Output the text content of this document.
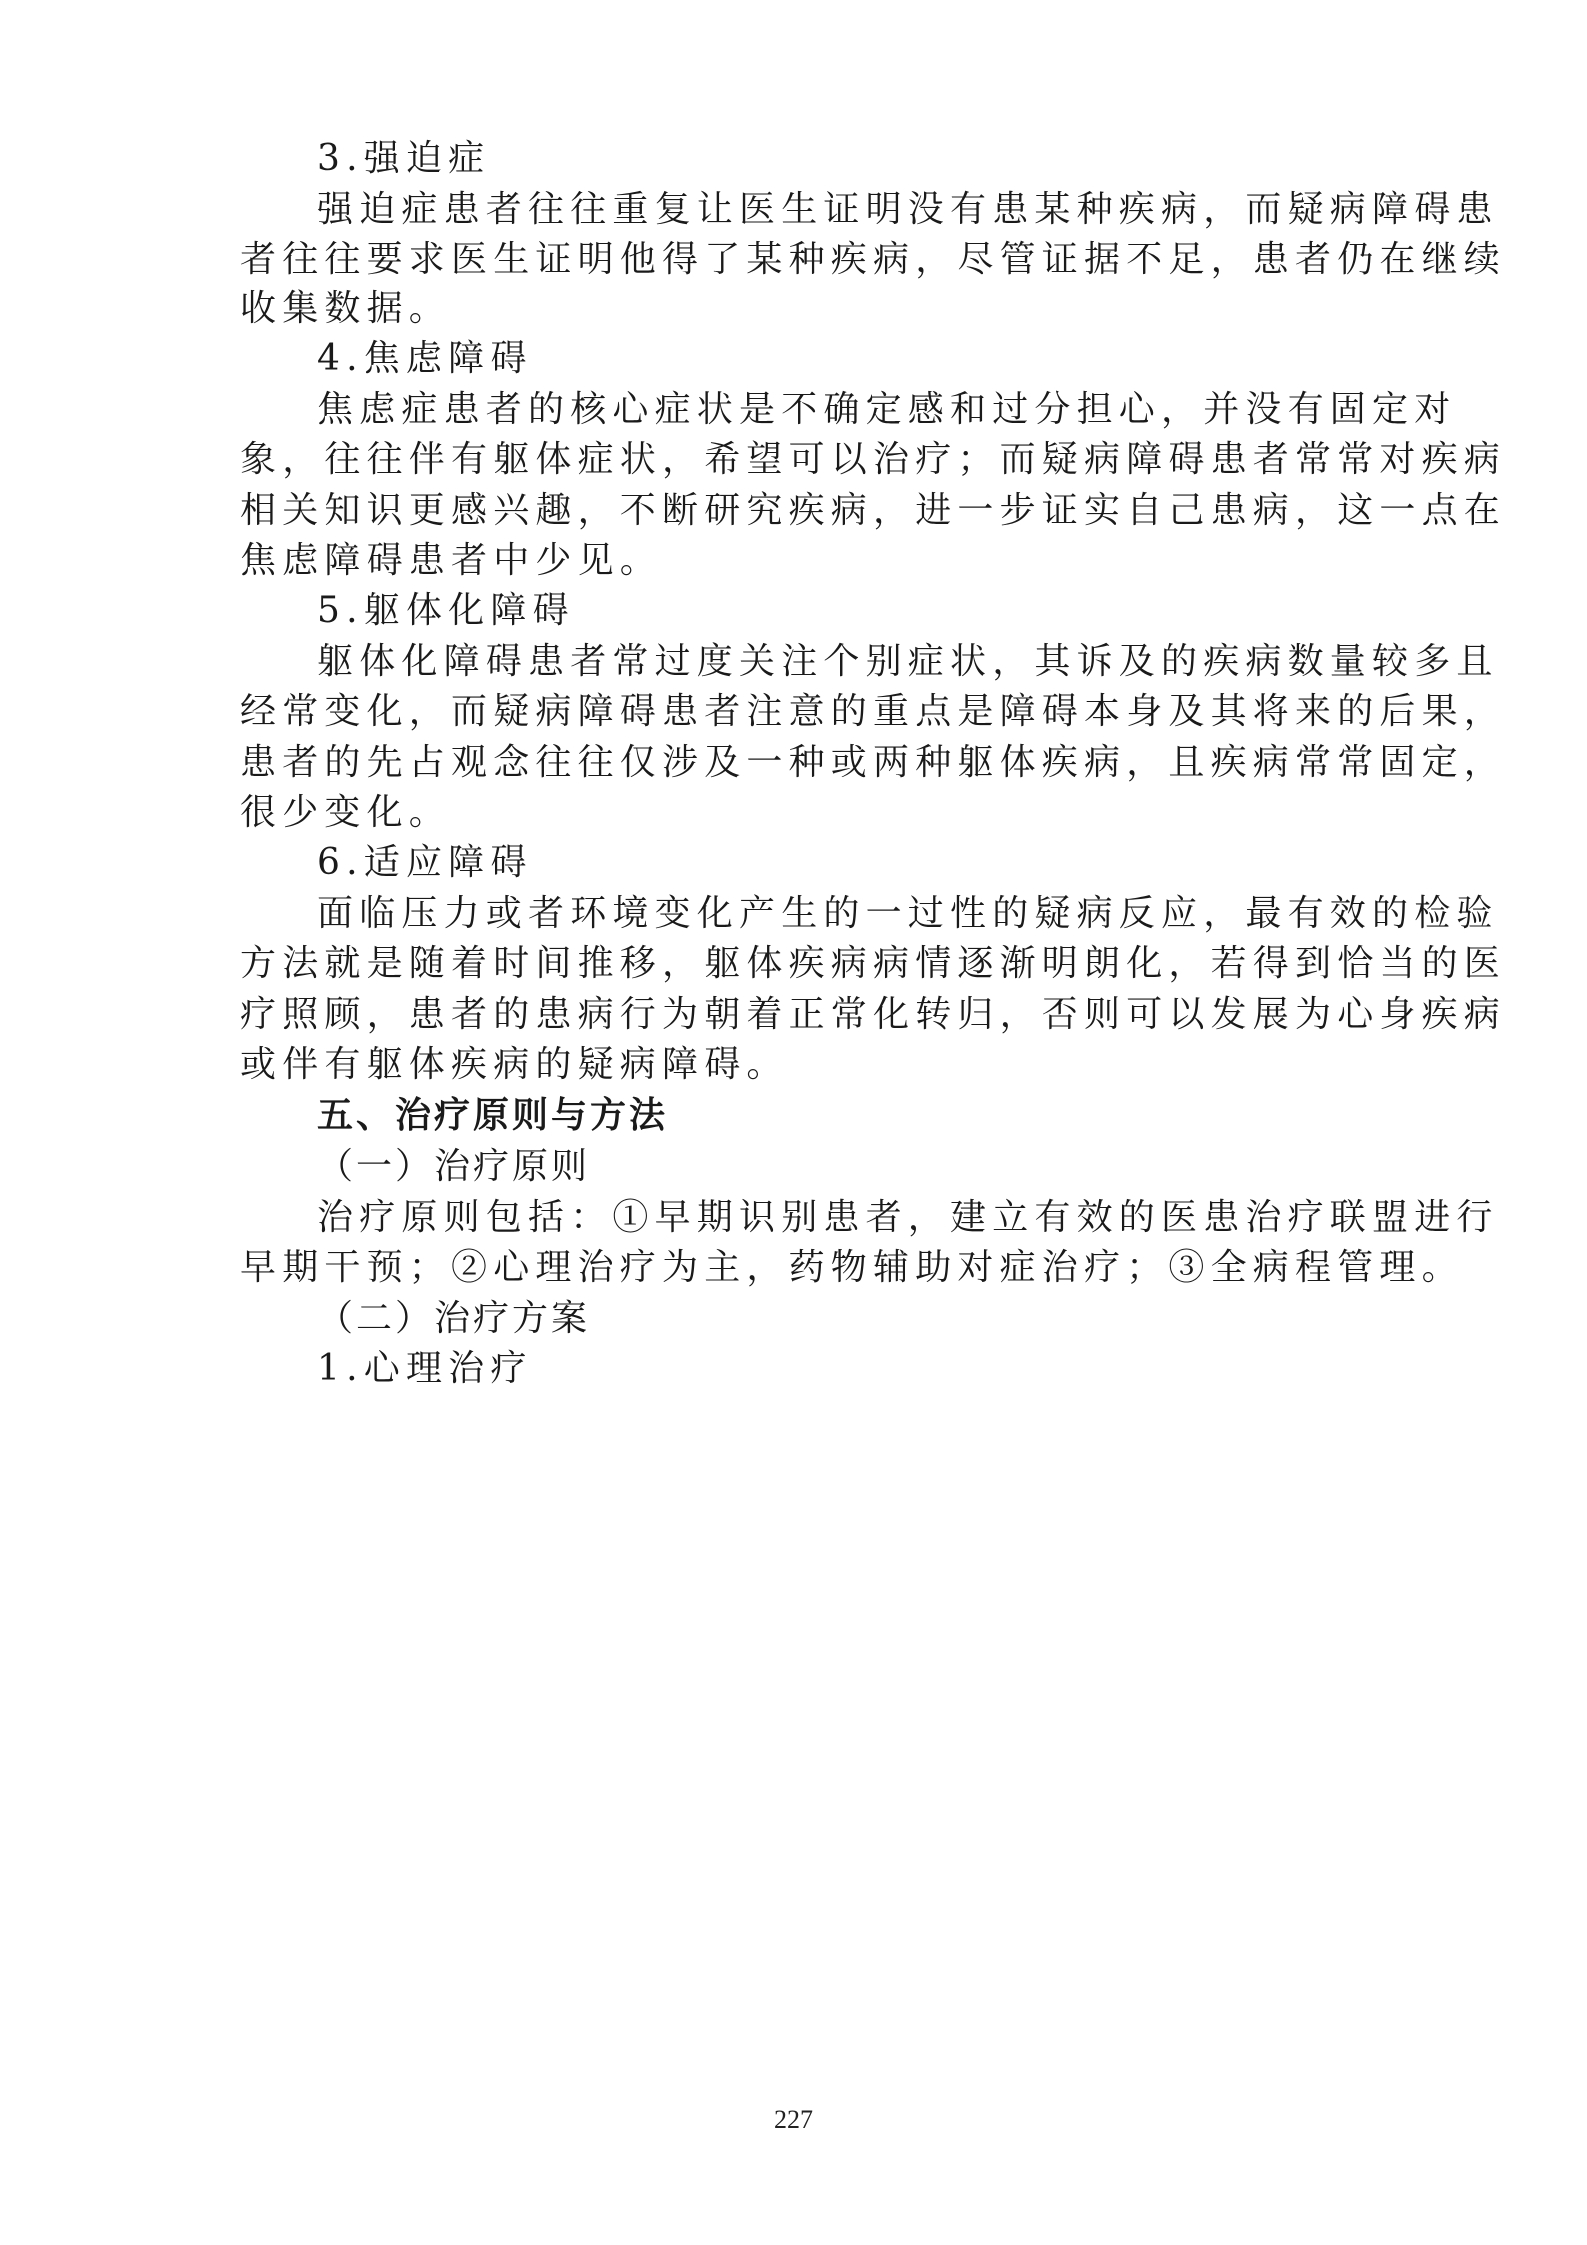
3.强迫症
强迫症患者往往重复让医生证明没有患某种疾病，而疑病障碍患
者往往要求医生证明他得了某种疾病，尽管证据不足，患者仍在继续
收集数据。
4.焦虑障碍
焦虑症患者的核心症状是不确定感和过分担心，并没有固定对
象，往往伴有躯体症状，希望可以治疗；而疑病障碍患者常常对疾病
相关知识更感兴趣，不断研究疾病，进一步证实自己患病，这一点在
焦虑障碍患者中少见。
5.躯体化障碍
躯体化障碍患者常过度关注个别症状，其诉及的疾病数量较多且
经常变化，而疑病障碍患者注意的重点是障碍本身及其将来的后果，
患者的先占观念往往仅涉及一种或两种躯体疾病，且疾病常常固定，
很少变化。
6.适应障碍
面临压力或者环境变化产生的一过性的疑病反应，最有效的检验
方法就是随着时间推移，躯体疾病病情逐渐明朗化，若得到恰当的医
疗照顾，患者的患病行为朝着正常化转归，否则可以发展为心身疾病
或伴有躯体疾病的疑病障碍。
五、治疗原则与方法
（一）治疗原则
治疗原则包括：①早期识别患者，建立有效的医患治疗联盟进行
早期干预；②心理治疗为主，药物辅助对症治疗；③全病程管理。
（二）治疗方案
1.心理治疗
227
